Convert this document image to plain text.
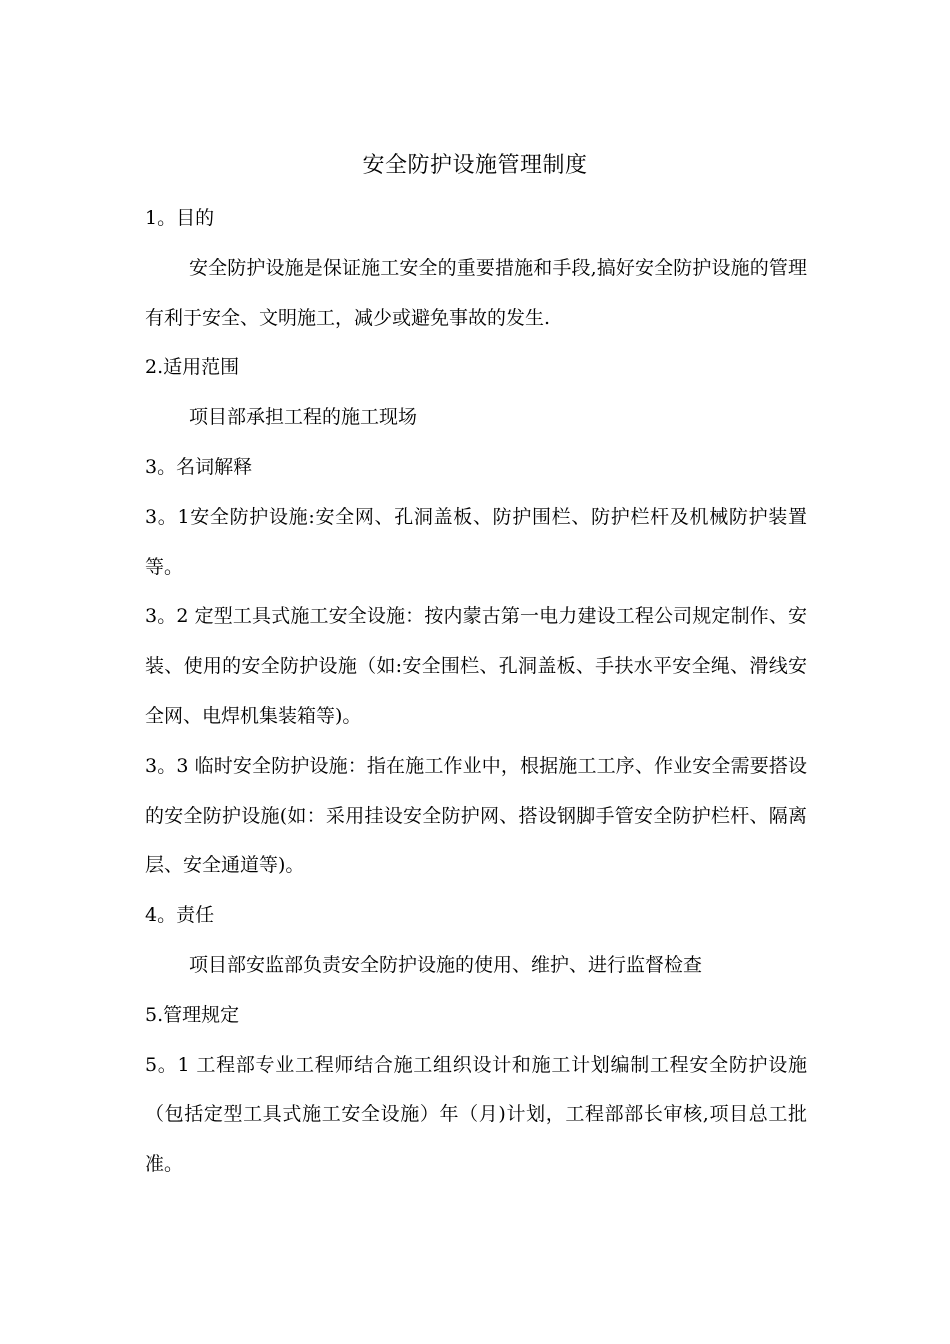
安全防护设施管理制度

1。目的

安全防护设施是保证施工安全的重要措施和手段,搞好安全防护设施的管理有利于安全、文明施工，减少或避免事故的发生.

2.适用范围

项目部承担工程的施工现场

3。名词解释

3。1安全防护设施:安全网、孔洞盖板、防护围栏、防护栏杆及机械防护装置等。

3。2 定型工具式施工安全设施：按内蒙古第一电力建设工程公司规定制作、安装、使用的安全防护设施（如:安全围栏、孔洞盖板、手扶水平安全绳、滑线安全网、电焊机集装箱等)。

3。3 临时安全防护设施：指在施工作业中，根据施工工序、作业安全需要搭设的安全防护设施(如：采用挂设安全防护网、搭设钢脚手管安全防护栏杆、隔离层、安全通道等)。

4。责任

项目部安监部负责安全防护设施的使用、维护、进行监督检查

5.管理规定

5。1 工程部专业工程师结合施工组织设计和施工计划编制工程安全防护设施（包括定型工具式施工安全设施）年（月)计划，工程部部长审核,项目总工批准。
